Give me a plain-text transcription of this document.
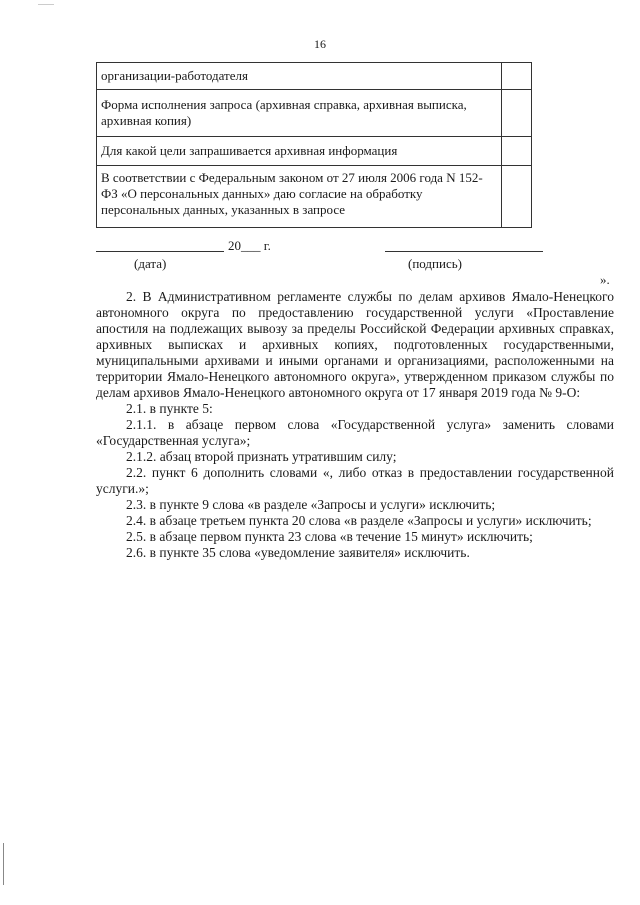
16
организации-работодателя	
Форма исполнения запроса (архивная справка, архивная выписка, архивная копия)	
Для какой цели запрашивается архивная информация	
В соответствии с Федеральным законом от 27 июля 2006 года N 152-ФЗ «О персональных данных» даю согласие на обработку персональных данных, указанных в запросе	
20___ г.
(дата)	(подпись)
».

2. В Административном регламенте службы по делам архивов Ямало-Ненецкого автономного округа по предоставлению государственной услуги «Проставление апостиля на подлежащих вывозу за пределы Российской Федерации архивных справках, архивных выписках и архивных копиях, подготовленных государственными, муниципальными архивами и иными органами и организациями, расположенными на территории Ямало-Ненецкого автономного округа», утвержденном приказом службы по делам архивов Ямало-Ненецкого автономного округа от 17 января 2019 года № 9-О:

2.1. в пункте 5:

2.1.1. в абзаце первом слова «Государственной услуга» заменить словами «Государственная услуга»;

2.1.2. абзац второй признать утратившим силу;

2.2. пункт 6 дополнить словами «, либо отказ в предоставлении государственной услуги.»;

2.3. в пункте 9 слова «в разделе «Запросы и услуги» исключить;

2.4. в абзаце третьем пункта 20 слова «в разделе «Запросы и услуги» исключить;

2.5. в абзаце первом пункта 23 слова «в течение 15 минут» исключить;

2.6. в пункте 35 слова «уведомление заявителя» исключить.
